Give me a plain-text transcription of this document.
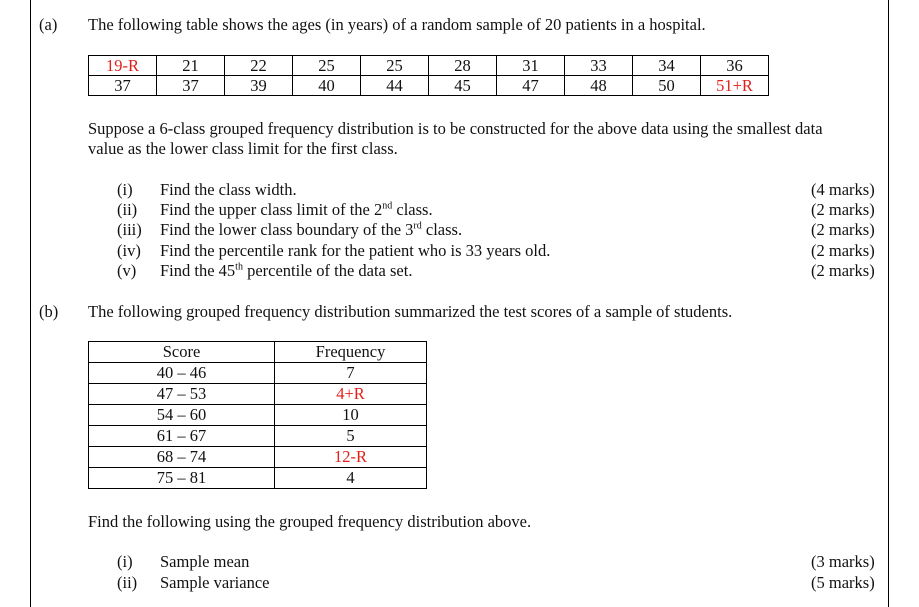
(a) The following table shows the ages (in years) of a random sample of 20 patients in a hospital.
19-R	21	22	25	25	28	31	33	34	36
37	37	39	40	44	45	47	48	50	51+R
Suppose a 6-class grouped frequency distribution is to be constructed for the above data using the smallest data
value as the lower class limit for the first class.
(i) Find the class width.	(4 marks)
(ii) Find the upper class limit of the 2nd class.	(2 marks)
(iii) Find the lower class boundary of the 3rd class.	(2 marks)
(iv) Find the percentile rank for the patient who is 33 years old.	(2 marks)
(v) Find the 45th percentile of the data set.	(2 marks)
(b) The following grouped frequency distribution summarized the test scores of a sample of students.
Score	Frequency
40 – 46	7
47 – 53	4+R
54 – 60	10
61 – 67	5
68 – 74	12-R
75 – 81	4
Find the following using the grouped frequency distribution above.
(i) Sample mean	(3 marks)
(ii) Sample variance	(5 marks)
